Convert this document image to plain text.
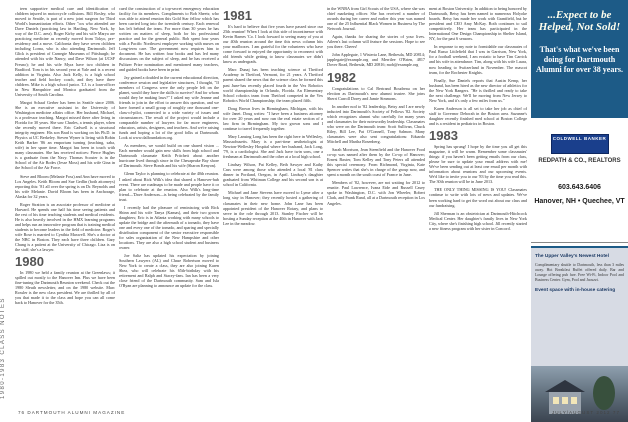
1980-1983 CLASS NOTES

teen supportive medical care and identification of children injured in motorcycle collisions. Bill Bosley, who moved to Seattle, is part of a new joint surgeon for Third World's humanitarian efforts. Other "cos who attended are Dave Daniels (practicing law in Hartling, New York, by way of the D.C. area). Roger Kirby and his wife Marya are practicing medicine as recently moved from Tokyo, pre-residency and a move. California they have seven children including Lorna, who is also attending Dartmouth. Jeff Glick is president of Carnegie Museums of Pittsburgh; he attended with his wife Nancy; and Dave Wilson (at UCSF Fresno); he and his wife Myra have two children in Bradford. Tom is in his second year at Yale and is a recent addition in Virginia. Also Jack Kelly, is a high school teacher and field hockey coach, and they have three children. Mike is a high school junior. T.J. is a loan-officer in New Hampshire and Monica graduated from the University of South Carolina.

Margot Schaaf Gerber has been in Seattle since 2006. She is an executive assistant in the University of Washington medicine affairs office. Her husband, Michael, is a professor teaching. Margot missed there after living in Florida for 30 years. She saw Charles, a tennis player, when she recently moved there. Eric Cadwell is a structural integrity engineer. His son Brad is working on his Ph.D. in Physics at UC Berkeley. Steven Wyner is living with Robin Keith Barker '86 an emporium turning (teaching, saba, wife) in her spare time. Margot has been in touch with many classmates. She has received notices: Pierce Hughes is a graduate from the Navy. Thomas Scouter is in the School of the Air Bodes (Jesse Moss) and his wife Gina in the School of the Air Force.

Steve and Bloom (Melanie Foss) and Ann have moved to Los Angeles. Keith Bloom and Sue Gedlin (both attorneys) reporting this: '81 all over the spring is on Dr. Reynolds and his wife Melanie. David Bloom has been in Anchorage, Alaska for 32 years.

Roger Stratton is an associate professor of medicine at Harvard. He spends one half his time seeing patients and the rest of his time teaching students and medical residents. He is also heavily involved in the HMX learning programs and helps run an innovative program that is training medical students to become leaders in the field of medicine. Roger's wife Rose is married to Cynthia Maxwell. She's a doctor at the NBC in Boston. They each have three children. Gary Chung is a patient at the University of Chicago. Liza is on the staff; she's a lawyer.

1980

In 1980 we held a family reunion at the Greenlaws; it spilled out mostly to the Hanover Inn. Plus we have been fine-tuning the Dartmouth Reunion weekend. Check out the 1980 Sleuth newsletter, and on the 1980 website. Marc Rossler is the new class president. We are thrilled by all of you that made it to the class and hope you can all come back to Hanover for the 35th.

cued the construction of a top-secret emergency education facility for its members. Compliments to Bob Sheets; who was able to attend reunion this Gold Star fellow which has been carried long into the twentieth century. Each renewal has left behind the team. For more than 30 years he has written on matters of sleep, both for his professional practice and for the general public. Bob spent four years with a Pacific Northwest employee working with nurses on Long-term care. The government now requires him to document. He has written four books and has led many discussions on the subject of sleep, and he has received a Pulitzer Prize nomination and mentioned many teachers, and guided books have been in print.

Jay gained a doubled in the current educational direction, conference session and legislative structures, I thought, "If members of Congress were the only people left on the planet, would they have the skills to survive? And for whom would they be making laws?" I asked my wife Jeanne and friends to join in the effort to answer this question, and we have formed a small group of roughly one thousand one-class-of-pilot, connected to a wide variety of issues and circumstances. The result of the project would include a comparable number of lawyers for far more engineers, educators, artists, designers, and teachers. And we're raising funds and hoping a lot of the good folks at Dartmouth. Look at www.dalfoundation.org.

As members, we would build on one shared vision ... Each member would gain new skills from high school and Dartmouth classmate Keith Pritchett about another hurricane lived through since in the Chesapeake Bay shore of Dartmouth. Steve Bonds and his wife (Sharon Kenyon).

Glenn Taylor is planning to celebrate at the 40th reunion. I asked about Rick Wilk's idea that shared a Hanover-hub event. There are roadmaps to be made and people have it or plan to celebrate at the reunion. Also Wilk's long-time friend—'Dave Anderson—is being celebrated by the family trust.

I recently had the pleasure of reminiscing with Rick Shinn and his wife Tanya (Kamas), and their two grown daughters; Eric is in Atlanta working with many schools to update the bridge and the aftermath of a tornado, they have one and every one of the tornado, and sparing and specially distribution component of the senior executive responsible for sales organization of the New Hampshire and other locations. They are also a high school student and business owner.

Joe Saltz has updated his expectation by joining Southern Lawyers (AL) and Chase Robertson moved to New York to create a class, they are also joining Karen Shea, who will celebrate his 65th-birthday with his retirement and Ralph and Stacey-fans. Ian has been a very close friend of the Dartmouth community. Sam and Isla O'Ryan are planning to announce an update for the class.

1981

It's hard to believe that five years have passed since our 25th reunion! When I look at this side of incontinence with Kevin Barnes 'Co. I look forward to seeing many of you at our 40th reunion around the time this news column hits your mailboxes. I am grateful for the volunteers who have come forward to enjoyed the opportunity to reconnect with old friends while getting to know classmates we didn't know as undergrads.

Marc Dunaj has been teaching science at Thetford Academy in Thetford, Vermont, for 21 years. A Thetford parent shared the news that the science class he formed this past June-has recently placed fourth in the Vex Robotics world championship in Orlando, Florida. An Elementary School robotics team from Thetford competed in the Vex Robotics World Championship; the team placed fifth.

Doug Brown lives in Birmingham, Michigan, with his wife Janet. Doug writes: "I have been a business attorney for over 20 years and now run the real estate section of a law firm in Birmingham. My two grown sons and I continue to travel frequently together.

Mary Lansing Long has been the right here in Wellesley, Massachusetts. Mary is a part-time aesthetologist at Newton-Wellesley Hospital where her husband, Jack Long, '79, is a cardiologist. She and Jack have twin sons, one a freshman at Dartmouth and the other at a local high school.

Lindsay Wilson, Pat Kelley, Beth Sawyer and Kathy Cass were among those who attended a local '81 class dinner in Portland, Oregon, in April. Lindsay's daughter graduated from Whitman College and his second son is at school in California.

Michael and Jane Stevens have moved to Lyme after a long stay in Hanover; they recently hosted a gathering of classmates in their new home. John Lane has been appointed president of the Hanover Rotary, and plans to serve in the role through 2013. Stanley Fischer will be hosting a Sunday reception at the 40th in Hanover with Jack Lee in the meadow.

in the WNBA from Girl Scouts of the USA, where she was chief marketing officer. She has received a number of awards during her career and earlier this year was named one of the 25 Influential Black Women in Business by The Network Journal.

Again, thanks for sharing the stories of your lives. Aileen's last column will feature the sessions. Hope to see you there. Cheers!

John Applegate, 1 Wisteria Lane, Bethesda, MD 20814; japplegate@example.org and Merrilee O'Brien, 4817 Dover Road, Bethesda, MD 20816; mob@example.org

1982

Congratulations to Cal Bertrand Boudreau on her election as Dartmouth's new alumni trustee. She joins Sherri Carroll Dorey and Jamie Simmons.

In another nod to '82 leadership, Betsy and I are newly inducted into Dartmouth's Society of Fellows '82. Society which recognizes alumni who carefully for many years and classmates for their noteworthy leadership. Classmates who were on the Dartmouth team: Scott Sullivan, Chuck Riley, Bill Lee, Pat O'Connell, Tony Salmon. Many classmates were also sent congratulations: Eduardo Mitchell and Martha Rosenberg.

Sarah Morrison, Jean Steenfield and the Hanover Food co-op was named after them by the Co-op of Hanover; Ernest Baxter, Tom Kelley and Tony Peters all attended this special ceremony. From Richmond, Virginia, Kate Spencer writes that she's in charge of the group now, and spent a month on the south coast of France in June.

Members of '82, however, are not waiting for 2012 to reunite. Paul Lawrence, Ivana Eide and Russell Casey spoke in Washington, D.C. with Jon Wheeler, Robert Clark, and Frank Rand, all at a Dartmouth reception in Los Angeles.

ment at Boston University. In addition to being honored by Dartmouth, Betsy has been named to numerous Holyoke boards. Betsy has made her work with Grantfield, but he president and CEO Amy McKay. Both continues to sail competitively. Her team has participated in the International One Design Championship in Shelter Island, NY, for the past 6 seasons.

In response to my note to formidable our classmates of Paul Russo Littlefield that I was in Garrison, New York, for a football weekend, I am ecstatic to have Tim Carrick and his wife in attendance. Tim, along with his wife Laura, now heading to Switzerland in November. The mascot team, for the Rochester Knights.

Finally, Sue Daniels reports that Austin Kemp, her husband, has been hired as the new director of athletics for the New York Rangers. "He is thrilled and ready to take the next challenge. We'll be moving from New Jersey to New York, and it's only a few miles from us."

Karen Anderson is all set to take her job as chief of staff to Governor Deborah in the Boston area. Suzanne's daughter recently finished med school at Boston College and is a resident in pediatrics in Boston.

1983

Spring has sprung! I hope by the time you all get this magazine, it will be warm. Remember some classmates' things: if you haven't been getting emails from our class, please be sure to update your email address with me! We've been sending out at least one email per month with information about reunions and our upcoming events. We'd like to invite you to our '83 by the time you read this. The 30th reunion will be in June 2013.

THE ONLY THING MISSING IS YOU! Classmates continue to write with lots of news and updates. We've been working hard to get the word out about our class and our fundraising.

Jill Sherman is an obstetrician at Dartmouth-Hitchcock Medical Center. Her daughter's family lives in New York City, where she's finishing high school. Jill recently started a new fitness program with her sister in Concord.

...Expect to be Helped, Not Sold!
That's what we've been doing for Dartmouth Alumni for over 38 years.
COLDWELL BANKER
REDPATH & CO., REALTORS
603.643.6406
Hanover, NH • Quechee, VT
The Upper Valley's Newest Hotel
Complimentary shuttle to Dartmouth, less than 3 miles away. Hot Breakfast Buffet offered daily. Bar and Lounge offering pub fare. Free Wi-Fi, Indoor Pool and Business Center. Gym, Pool and Jacuzzi.
Event space with in-house catering
76 DARTMOUTH ALUMNI MAGAZINE	JULY/AUGUST 2012 77
